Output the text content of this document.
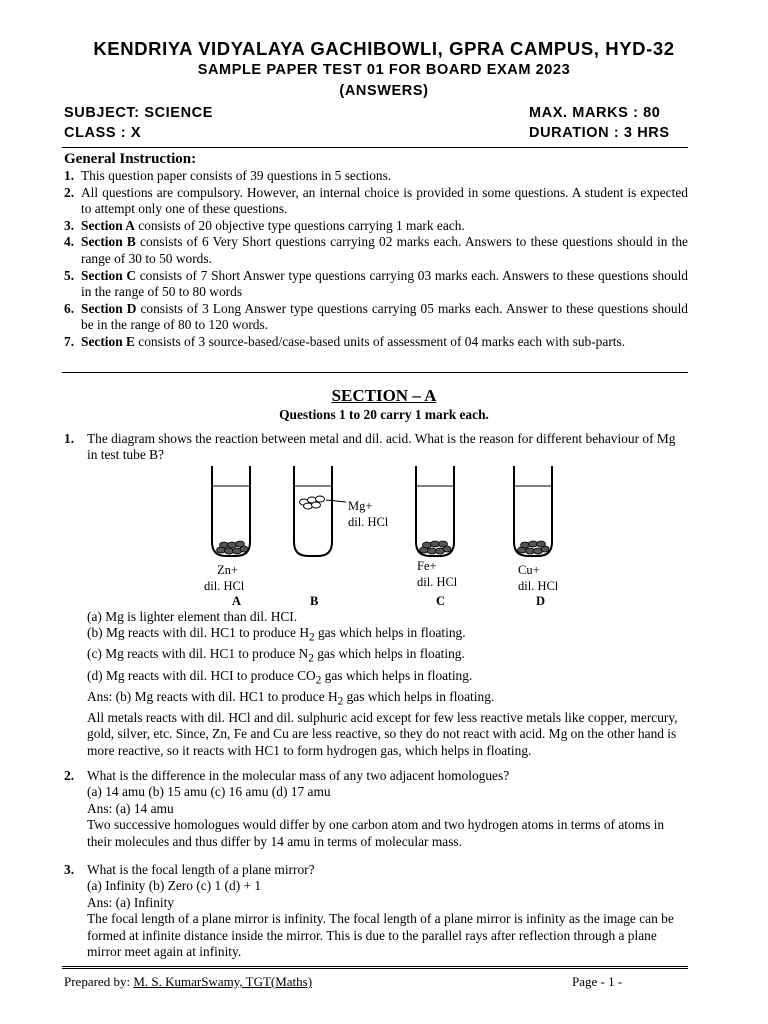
KENDRIYA VIDYALAYA GACHIBOWLI, GPRA CAMPUS, HYD-32
SAMPLE PAPER TEST 01 FOR BOARD EXAM 2023
(ANSWERS)
SUBJECT: SCIENCE	MAX. MARKS : 80
CLASS : X	DURATION : 3 HRS
General Instruction:
1. This question paper consists of 39 questions in 5 sections.
2. All questions are compulsory. However, an internal choice is provided in some questions. A student is expected to attempt only one of these questions.
3. Section A consists of 20 objective type questions carrying 1 mark each.
4. Section B consists of 6 Very Short questions carrying 02 marks each. Answers to these questions should in the range of 30 to 50 words.
5. Section C consists of 7 Short Answer type questions carrying 03 marks each. Answers to these questions should in the range of 50 to 80 words
6. Section D consists of 3 Long Answer type questions carrying 05 marks each. Answer to these questions should be in the range of 80 to 120 words.
7. Section E consists of 3 source-based/case-based units of assessment of 04 marks each with sub-parts.
SECTION – A
Questions 1 to 20 carry 1 mark each.
1. The diagram shows the reaction between metal and dil. acid. What is the reason for different behaviour of Mg in test tube B?

Zn+
dil. HCl
A
Mg+
dil. HCl
B
Fe+
dil. HCl
C
Cu+
dil. HCl
D

(a) Mg is lighter element than dil. HCI.

(b) Mg reacts with dil. HC1 to produce $H_2$ gas which helps in floating.

(c) Mg reacts with dil. HC1 to produce $N_2$ gas which helps in floating.

(d) Mg reacts with dil. HCI to produce $CO_2$ gas which helps in floating.

Ans: (b) Mg reacts with dil. HC1 to produce $H_2$ gas which helps in floating.

All metals reacts with dil. HCl and dil. sulphuric acid except for few less reactive metals like copper, mercury, gold, silver, etc. Since, Zn, Fe and Cu are less reactive, so they do not react with acid. Mg on the other hand is more reactive, so it reacts with HC1 to form hydrogen gas, which helps in floating.

2. What is the difference in the molecular mass of any two adjacent homologues?

(a) 14 amu (b) 15 amu (c) 16 amu (d) 17 amu

Ans: (a) 14 amu

Two successive homologues would differ by one carbon atom and two hydrogen atoms in terms of atoms in their molecules and thus differ by 14 amu in terms of molecular mass.

3. What is the focal length of a plane mirror?

(a) Infinity (b) Zero (c) 1 (d) + 1

Ans: (a) Infinity

The focal length of a plane mirror is infinity. The focal length of a plane mirror is infinity as the image can be formed at infinite distance inside the mirror. This is due to the parallel rays after reflection through a plane mirror meet again at infinity.

Prepared by: M. S. KumarSwamy, TGT(Maths)	Page - 1 -
